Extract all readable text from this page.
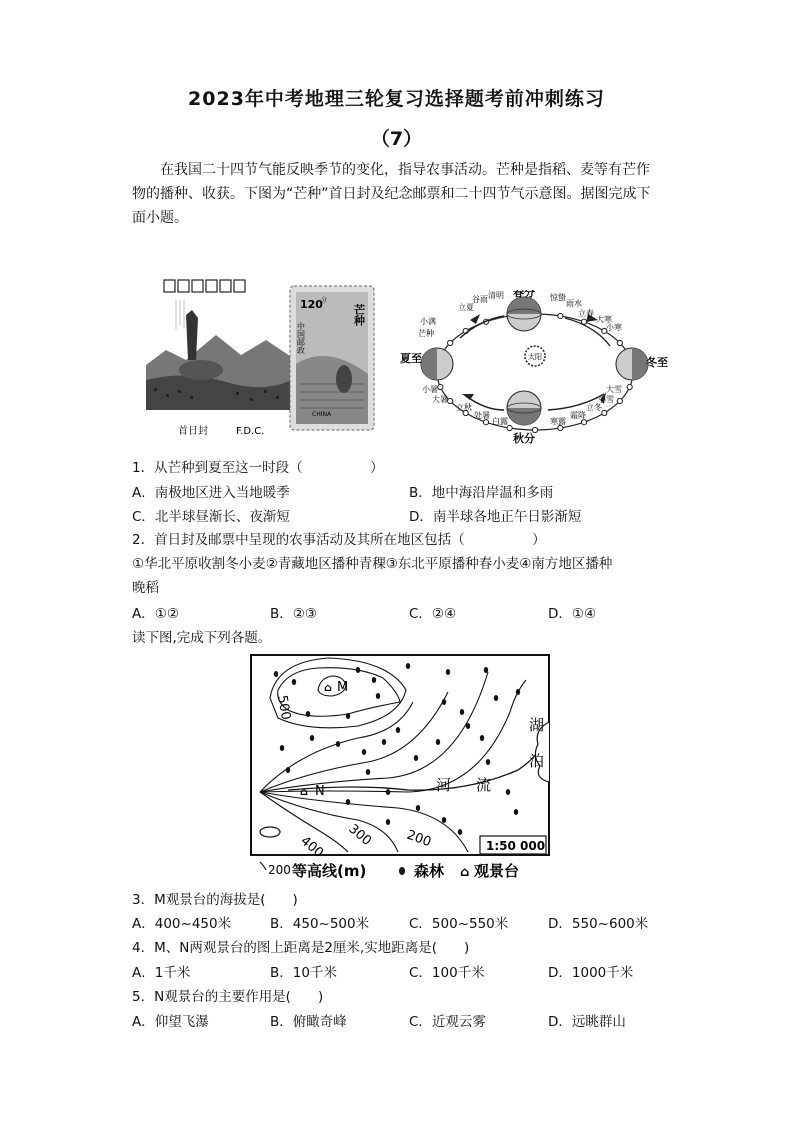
2023年中考地理三轮复习选择题考前冲刺练习
（7）
在我国二十四节气能反映季节的变化，指导农事活动。芒种是指稻、麦等有芒作物的播种、收获。下图为“芒种”首日封及纪念邮票和二十四节气示意图。据图完成下面小题。
首日封	F.D.C.
120
分
中国邮政
芒种
CHINA
太阳
春分
秋分
夏至	冬至
立夏
谷雨 清明
小满
芒种
惊蛰
雨水
立春
大寒
小寒
小暑
大暑
立秋
处暑
白露	寒露
霜降
立冬
小雪
大雪
1．从芒种到夏至这一时段（　　　　　）
A．南极地区进入当地暖季	B．地中海沿岸温和多雨
C．北半球昼渐长、夜渐短	D．南半球各地正午日影渐短
2．首日封及邮票中呈现的农事活动及其所在地区包括（　　　　　）
①华北平原收割冬小麦②青藏地区播种青稞③东北平原播种春小麦④南方地区播种
晚稻
A．①②	B．②③	C．②④	D．①④
读下图,完成下列各题。
500
400 300 200
⌂ M
⌂ N	河 流
湖
泊
1:50 000
200 等高线(m)	森林 ⌂ 观景台
3．M观景台的海拔是(　　)
A．400~450米	B．450~500米	C．500~550米	D．550~600米
4．M、N两观景台的图上距离是2厘米,实地距离是(　　)
A．1千米	B．10千米	C．100千米	D．1000千米
5．N观景台的主要作用是(　　)
A．仰望飞瀑	B．俯瞰奇峰	C．近观云雾	D．远眺群山
